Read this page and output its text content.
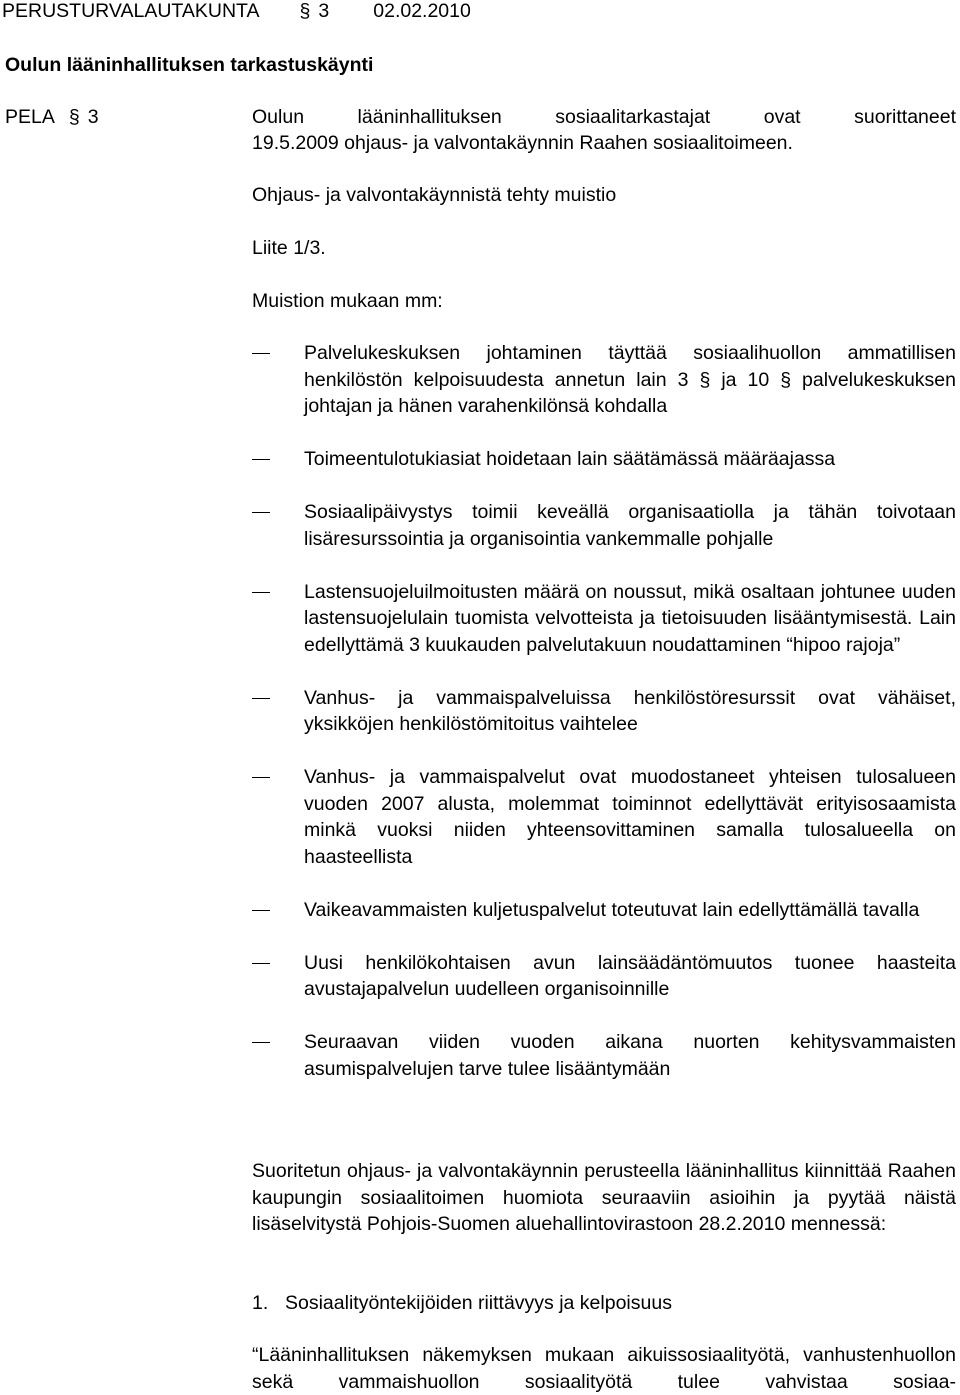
PERUSTURVALAUTAKUNTA § 3 02.02.2010
Oulun lääninhallituksen tarkastuskäynti
PELA § 3	Oulun lääninhallituksen sosiaalitarkastajat ovat suorittaneet
19.5.2009 ohjaus- ja valvontakäynnin Raahen sosiaalitoimeen.
Ohjaus- ja valvontakäynnistä tehty muistio
Liite 1/3.
Muistion mukaan mm:
Palvelukeskuksen johtaminen täyttää sosiaalihuollon ammatillisen henkilöstön kelpoisuudesta annetun lain 3 § ja 10 § palvelukeskuksen johtajan ja hänen varahenkilönsä kohdalla
Toimeentulotukiasiat hoidetaan lain säätämässä määräajassa
Sosiaalipäivystys toimii keveällä organisaatiolla ja tähän toivotaan lisäresurssointia ja organisointia vankemmalle pohjalle
Lastensuojeluilmoitusten määrä on noussut, mikä osaltaan johtunee uuden lastensuojelulain tuomista velvotteista ja tietoisuuden lisääntymisestä. Lain edellyttämä 3 kuukauden palvelutakuun noudattaminen “hipoo rajoja”
Vanhus- ja vammaispalveluissa henkilöstöresurssit ovat vähäiset, yksikköjen henkilöstömitoitus vaihtelee
Vanhus- ja vammaispalvelut ovat muodostaneet yhteisen tulosalueen vuoden 2007 alusta, molemmat toiminnot edellyttävät erityisosaamista minkä vuoksi niiden yhteensovittaminen samalla tulosalueella on haasteellista
Vaikeavammaisten kuljetuspalvelut toteutuvat lain edellyttämällä tavalla
Uusi henkilökohtaisen avun lainsäädäntömuutos tuonee haasteita avustajapalvelun uudelleen organisoinnille
Seuraavan viiden vuoden aikana nuorten kehitysvammaisten asumispalvelujen tarve tulee lisääntymään
Suoritetun ohjaus- ja valvontakäynnin perusteella lääninhallitus kiinnittää Raahen kaupungin sosiaalitoimen huomiota seuraaviin asioihin ja pyytää näistä lisäselvitystä Pohjois-Suomen aluehallintovirastoon 28.2.2010 mennessä:
1. Sosiaalityöntekijöiden riittävyys ja kelpoisuus
“Lääninhallituksen näkemyksen mukaan aikuissosiaalityötä, vanhustenhuollon sekä vammaishuollon sosiaalityötä tulee vahvistaa sosiaa-
